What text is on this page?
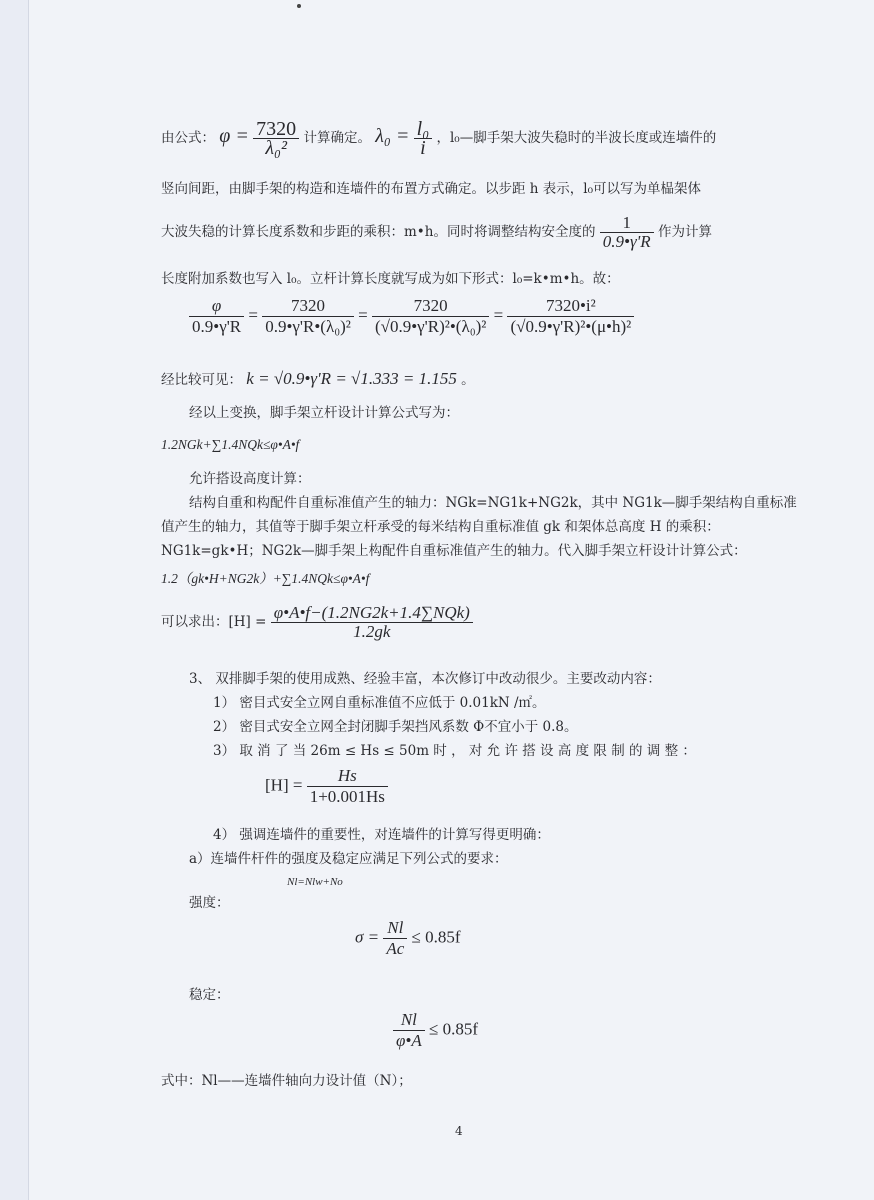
由公式： $\varphi = \frac{7320}{\text{λ₀²}}$ 计算确定。 $\lambda_0 = \frac{\text{l₀}}{i}$ ，l₀—脚手架大波失稳时的半波长度或连墙件的
竖向间距，由脚手架的构造和连墙件的布置方式确定。以步距 h 表示，l₀可以写为单榀架体
大波失稳的计算长度系数和步距的乘积：m•h。同时将调整结构安全度的 $\frac{1}{0.9•\gamma'R}$ 作为计算
长度附加系数也写入 l₀。立杆计算长度就写成为如下形式：l₀=k•m•h。故：
$\frac{\varphi}{0.9•\gamma'R} = \frac{7320}{\text{0.9•γ'R•(λ₀)²}} = \frac{7320}{\text{(√0.9•γ'R)²•(λ₀)²}} = \frac{\text{7320•i²}}{\text{(√0.9•γ'R)²•(μ•h)²}}$
经比较可见： k = √0.9•γ'R = √1.333 = 1.155 。
经以上变换，脚手架立杆设计计算公式写为：
1.2NGk+∑1.4NQk≤φ•A•f
允许搭设高度计算：
结构自重和构配件自重标准值产生的轴力：NGk=NG1k+NG2k，其中 NG1k—脚手架结构自重标准
值产生的轴力，其值等于脚手架立杆承受的每米结构自重标准值 gk 和架体总高度 H 的乘积：
NG1k=gk•H；NG2k—脚手架上构配件自重标准值产生的轴力。代入脚手架立杆设计计算公式：
1.2（gk•H+NG2k）+∑1.4NQk≤φ•A•f
可以求出：$[H] = \frac{\text{φ•A•f−(1.2NG2k+1.4∑NQk)}}{1.2gk}$
3、 双排脚手架的使用成熟、经验丰富，本次修订中改动很少。主要改动内容：
1） 密目式安全立网自重标准值不应低于 0.01kN /㎡。
2） 密目式安全立网全封闭脚手架挡风系数 Φ不宜小于 0.8。
3） 取 消 了 当 26m ≤ Hs ≤ 50m 时 ， 对 允 许 搭 设 高 度 限 制 的 调 整 ：
$[H] = \frac{Hs}{1+0.001Hs}$
4） 强调连墙件的重要性，对连墙件的计算写得更明确：
a）连墙件杆件的强度及稳定应满足下列公式的要求：
Nl=Nlw+No
强度：
$\sigma = \frac{Nl}{Ac} \le 0.85f$
稳定：
$\frac{Nl}{\varphi•A} \le 0.85f$
式中：Nl——连墙件轴向力设计值（N）；
4
